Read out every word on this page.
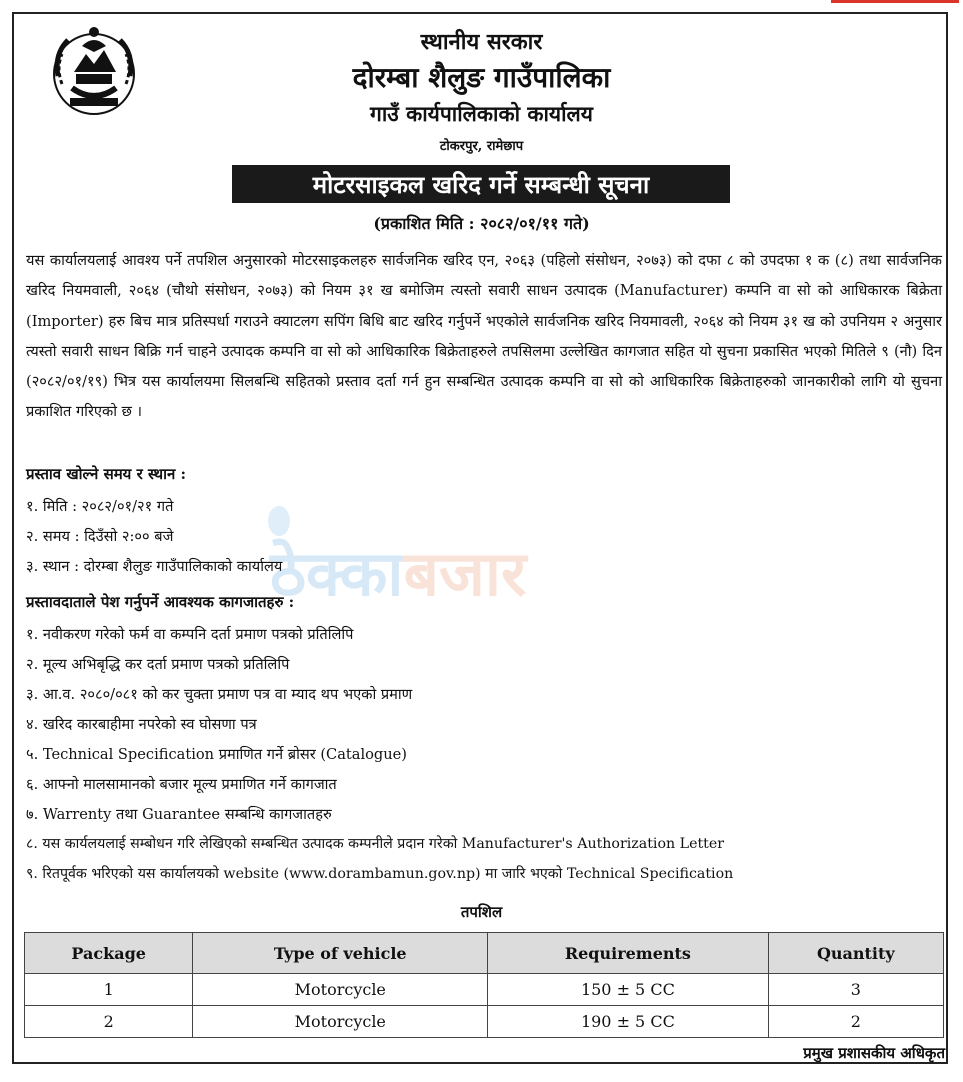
स्थानीय सरकार
दोरम्बा शैलुङ गाउँपालिका
गाउँ कार्यपालिकाको कार्यालय
टोकरपुर, रामेछाप
मोटरसाइकल खरिद गर्ने सम्बन्धी सूचना
(प्रकाशित मिति : २०८२/०१/११ गते)
यस कार्यालयलाई आवश्य पर्ने तपशिल अनुसारको मोटरसाइकलहरु सार्वजनिक खरिद एन, २०६३ (पहिलो संसोधन, २०७३) को दफा ८ को उपदफा १ क (८) तथा सार्वजनिक खरिद नियमवाली, २०६४ (चौथो संसोधन, २०७३) को नियम ३१ ख बमोजिम त्यस्तो सवारी साधन उत्पादक (Manufacturer) कम्पनि वा सो को आधिकारक बिक्रेता (Importer) हरु बिच मात्र प्रतिस्पर्धा गराउने क्याटलग सपिंग बिधि बाट खरिद गर्नुपर्ने भएकोले सार्वजनिक खरिद नियमावली, २०६४ को नियम ३१ ख को उपनियम २ अनुसार त्यस्तो सवारी साधन बिक्रि गर्न चाहने उत्पादक कम्पनि वा सो को आधिकारिक बिक्रेताहरुले तपसिलमा उल्लेखित कागजात सहित यो सुचना प्रकासित भएको मितिले ९ (नौ) दिन (२०८२/०१/१९) भित्र यस कार्यालयमा सिलबन्धि सहितको प्रस्ताव दर्ता गर्न हुन सम्बन्धित उत्पादक कम्पनि वा सो को आधिकारिक बिक्रेताहरुको जानकारीको लागि यो सुचना प्रकाशित गरिएको छ ।
प्रस्ताव खोल्ने समय र स्थान :
१. मिति : २०८२/०१/२१ गते
२. समय : दिउँसो २:०० बजे
३. स्थान : दोरम्बा शैलुङ गाउँपालिकाको कार्यालय
ठेक्काबजार
प्रस्तावदाताले पेश गर्नुपर्ने आवश्यक कागजातहरु :
१. नवीकरण गरेको फर्म वा कम्पनि दर्ता प्रमाण पत्रको प्रतिलिपि
२. मूल्य अभिबृद्धि कर दर्ता प्रमाण पत्रको प्रतिलिपि
३. आ.व. २०८०/०८१ को कर चुक्ता प्रमाण पत्र वा म्याद थप भएको प्रमाण
४. खरिद कारबाहीमा नपरेको स्व घोसणा पत्र
५. Technical Specification प्रमाणित गर्ने ब्रोसर (Catalogue)
६. आफ्नो मालसामानको बजार मूल्य प्रमाणित गर्ने कागजात
७. Warrenty तथा Guarantee सम्बन्धि कागजातहरु
८. यस कार्यलयलाई सम्बोधन गरि लेखिएको सम्बन्धित उत्पादक कम्पनीले प्रदान गरेको Manufacturer's Authorization Letter
९. रितपूर्वक भरिएको यस कार्यालयको website (www.dorambamun.gov.np) मा जारि भएको Technical Specification
तपशिल
Package	Type of vehicle	Requirements	Quantity
1	Motorcycle	150 ± 5 CC	3
2	Motorcycle	190 ± 5 CC	2
प्रमुख प्रशासकीय अधिकृत
